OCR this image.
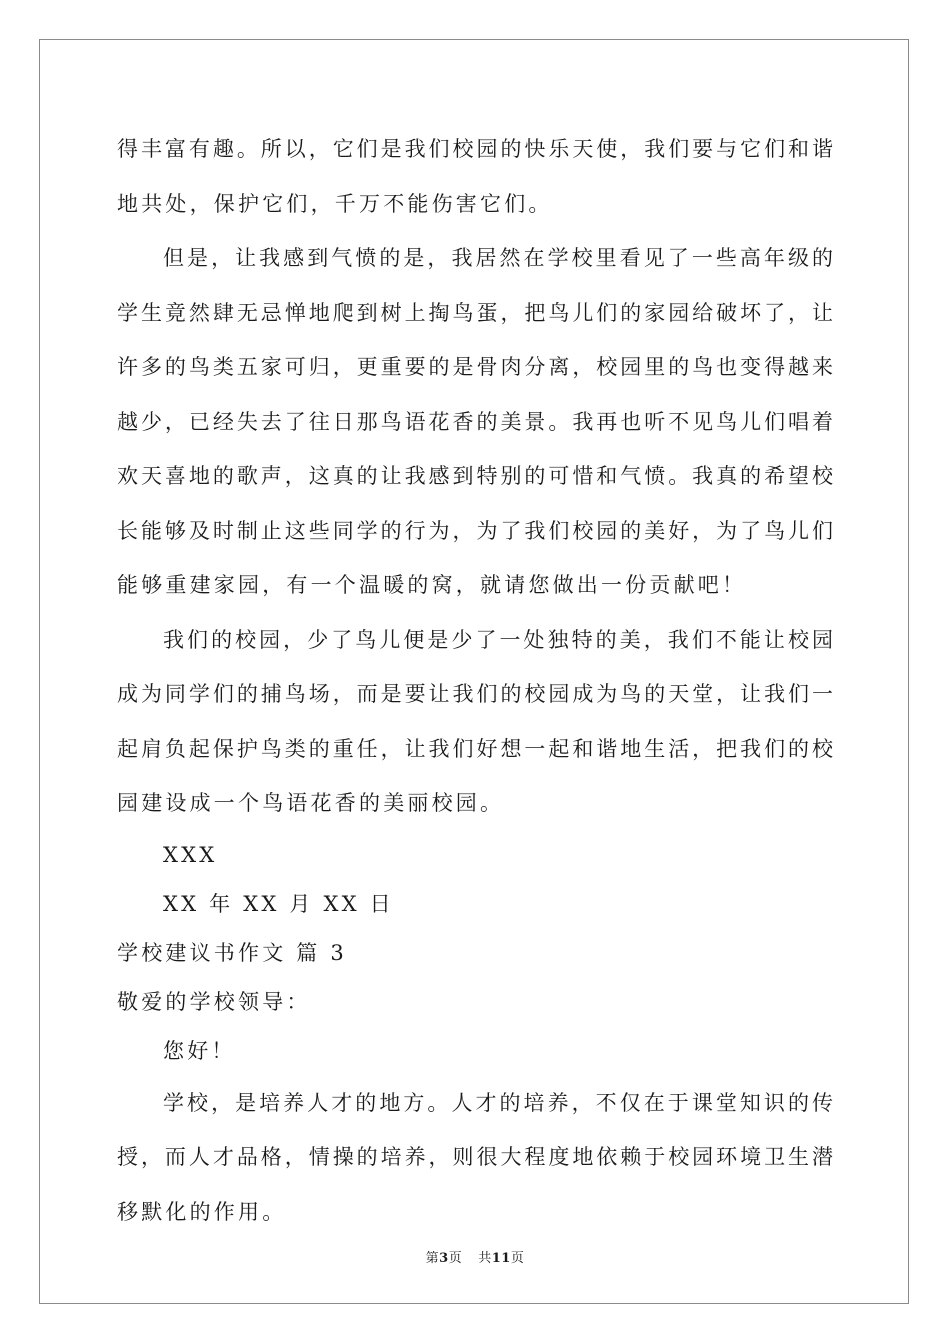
得丰富有趣。所以，它们是我们校园的快乐天使，我们要与它们和谐
地共处，保护它们，千万不能伤害它们。
但是，让我感到气愤的是，我居然在学校里看见了一些高年级的
学生竟然肆无忌惮地爬到树上掏鸟蛋，把鸟儿们的家园给破坏了，让
许多的鸟类五家可归，更重要的是骨肉分离，校园里的鸟也变得越来
越少，已经失去了往日那鸟语花香的美景。我再也听不见鸟儿们唱着
欢天喜地的歌声，这真的让我感到特别的可惜和气愤。我真的希望校
长能够及时制止这些同学的行为，为了我们校园的美好，为了鸟儿们
能够重建家园，有一个温暖的窝，就请您做出一份贡献吧！
我们的校园，少了鸟儿便是少了一处独特的美，我们不能让校园
成为同学们的捕鸟场，而是要让我们的校园成为鸟的天堂，让我们一
起肩负起保护鸟类的重任，让我们好想一起和谐地生活，把我们的校
园建设成一个鸟语花香的美丽校园。
XXX
XX 年 XX 月 XX 日
学校建议书作文 篇 3
敬爱的学校领导：
您好！
学校，是培养人才的地方。人才的培养，不仅在于课堂知识的传
授，而人才品格，情操的培养，则很大程度地依赖于校园环境卫生潜
移默化的作用。
第3页 共11页
